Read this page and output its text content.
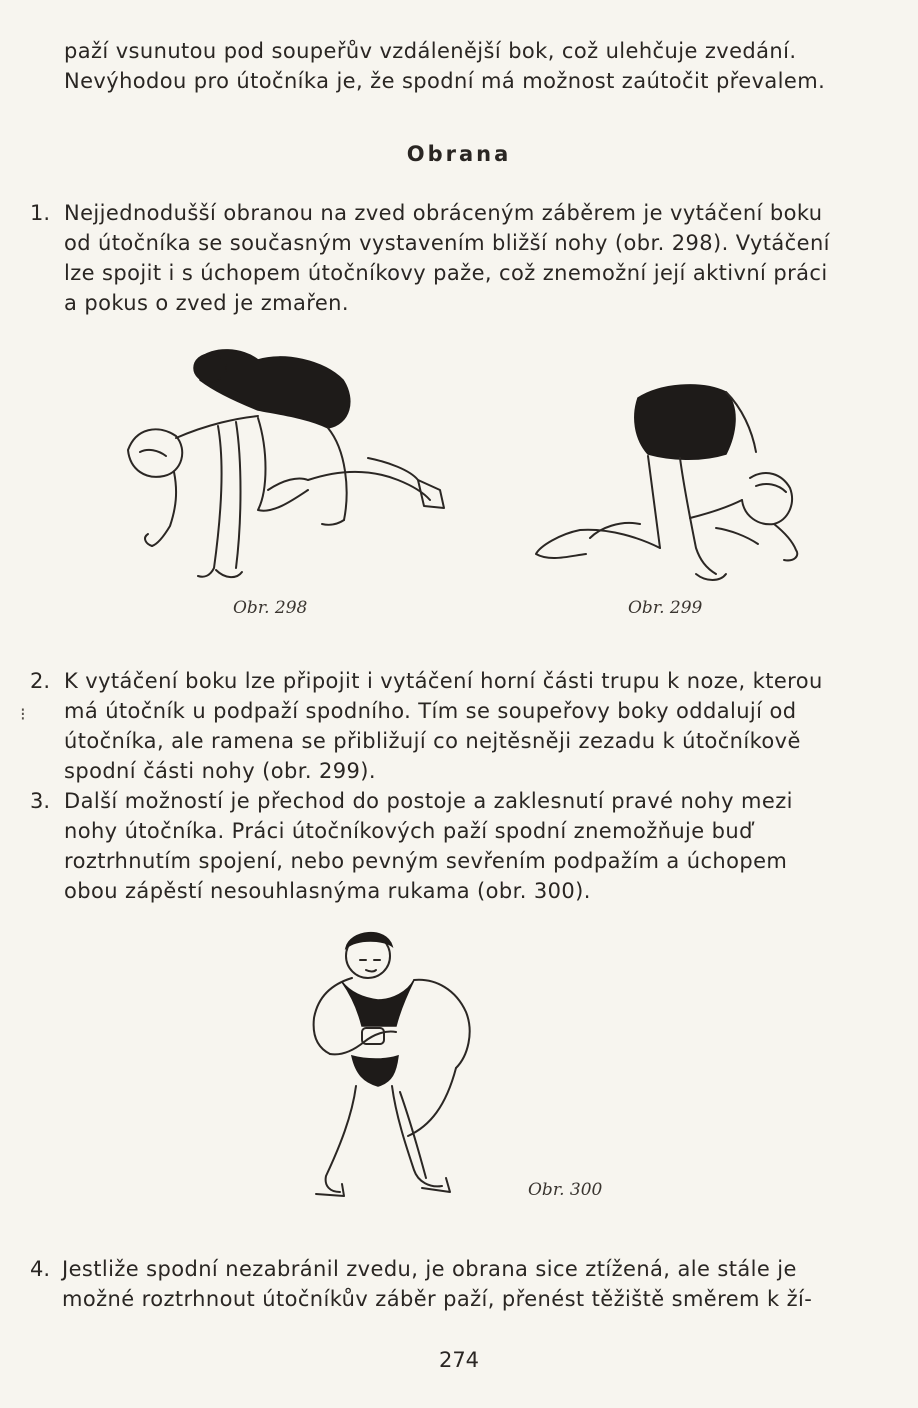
paží vsunutou pod soupeřův vzdálenější bok, což ulehčuje zvedání.
Nevýhodou pro útočníka je, že spodní má možnost zaútočit převalem.
Obrana
1. Nejjednodušší obranou na zved obráceným záběrem je vytáčení boku
od útočníka se současným vystavením bližší nohy (obr. 298). Vytáčení
lze spojit i s úchopem útočníkovy paže, což znemožní její aktivní práci
a pokus o zved je zmařen.
Obr. 298	Obr. 299
2.
⁝
K vytáčení boku lze připojit i vytáčení horní části trupu k noze, kterou
má útočník u podpaží spodního. Tím se soupeřovy boky oddalují od
útočníka, ale ramena se přibližují co nejtěsněji zezadu k útočníkově
spodní části nohy (obr. 299).
3. Další možností je přechod do postoje a zaklesnutí pravé nohy mezi
nohy útočníka. Práci útočníkových paží spodní znemožňuje buď
roztrhnutím spojení, nebo pevným sevřením podpažím a úchopem
obou zápěstí nesouhlasnýma rukama (obr. 300).
Obr. 300
4. Jestliže spodní nezabránil zvedu, je obrana sice ztížená, ale stále je
možné roztrhnout útočníkův záběr paží, přenést těžiště směrem k ží-
274
